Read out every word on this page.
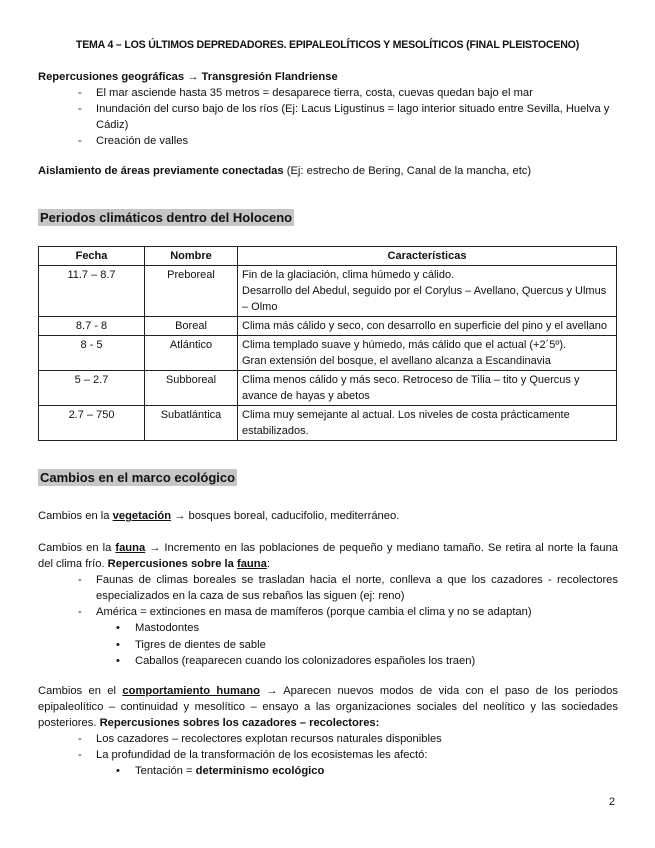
TEMA 4 – LOS ÚLTIMOS DEPREDADORES. EPIPALEOLÍTICOS Y MESOLÍTICOS (FINAL PLEISTOCENO)
Repercusiones geográficas → Transgresión Flandriense
- El mar asciende hasta 35 metros = desaparece tierra, costa, cuevas quedan bajo el mar
- Inundación del curso bajo de los ríos (Ej: Lacus Ligustinus = lago interior situado entre Sevilla, Huelva y Cádiz)
- Creación de valles
Aislamiento de áreas previamente conectadas (Ej: estrecho de Bering, Canal de la mancha, etc)
Periodos climáticos dentro del Holoceno
Fecha	Nombre	Características
11.7 – 8.7	Preboreal	Fin de la glaciación, clima húmedo y cálido.
Desarrollo del Abedul, seguido por el Corylus – Avellano, Quercus y Ulmus – Olmo

8.7 - 8	Boreal	Clima más cálido y seco, con desarrollo en superficie del pino y el avellano

8 - 5	Atlántico	Clima templado suave y húmedo, más cálido que el actual (+2´5º).
Gran extensión del bosque, el avellano alcanza a Escandinavia

5 – 2.7	Subboreal	Clima menos cálido y más seco. Retroceso de Tilia – tito y Quercus y avance de hayas y abetos

2.7 – 750	Subatlántica	Clima muy semejante al actual. Los niveles de costa prácticamente estabilizados.
Cambios en el marco ecológico
Cambios en la vegetación → bosques boreal, caducifolio, mediterráneo.
Cambios en la fauna → Incremento en las poblaciones de pequeño y mediano tamaño. Se retira al norte la fauna del clima frío. Repercusiones sobre la fauna:
- Faunas de climas boreales se trasladan hacia el norte, conlleva a que los cazadores - recolectores especializados en la caza de sus rebaños las siguen (ej: reno)
- América = extinciones en masa de mamíferos (porque cambia el clima y no se adaptan)
• Mastodontes
• Tigres de dientes de sable
• Caballos (reaparecen cuando los colonizadores españoles los traen)
Cambios en el comportamiento humano → Aparecen nuevos modos de vida con el paso de los periodos epipaleolítico – continuidad y mesolítico – ensayo a las organizaciones sociales del neolítico y las sociedades posteriores. Repercusiones sobres los cazadores – recolectores:
- Los cazadores – recolectores explotan recursos naturales disponibles
- La profundidad de la transformación de los ecosistemas les afectó:
• Tentación = determinismo ecológico
2
